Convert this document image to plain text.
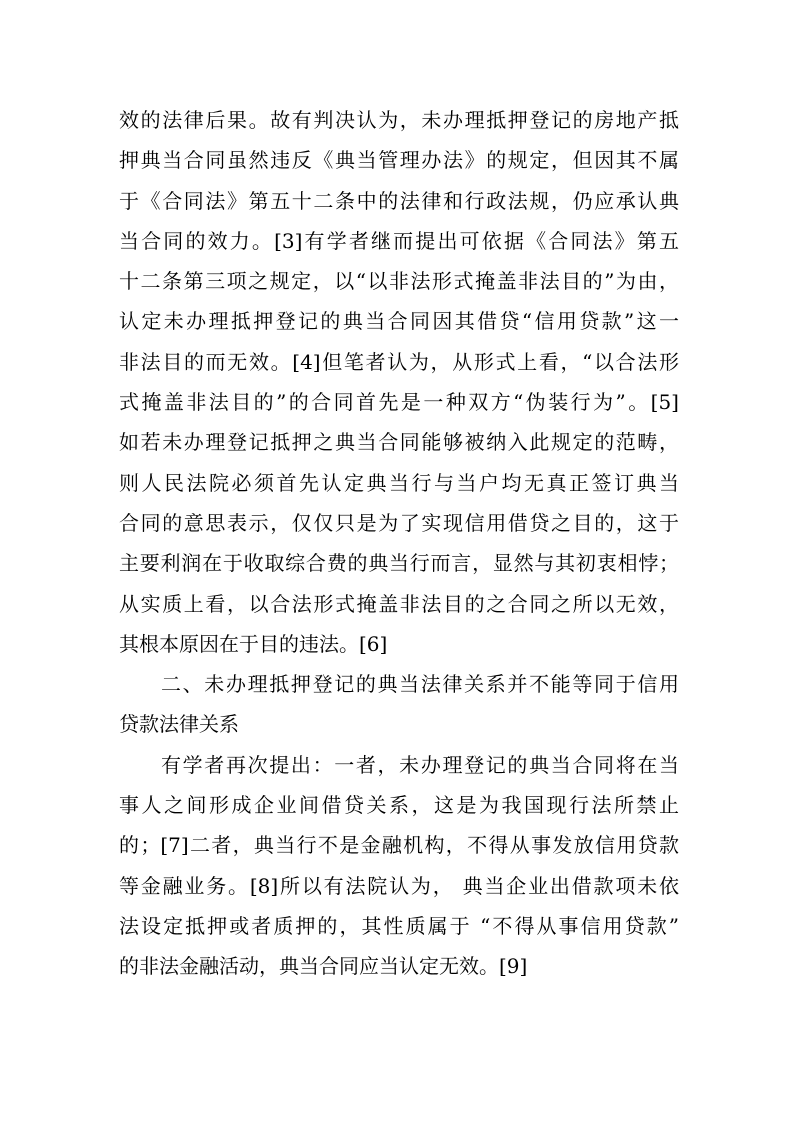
效的法律后果。故有判决认为，未办理抵押登记的房地产抵
押典当合同虽然违反《典当管理办法》的规定，但因其不属
于《合同法》第五十二条中的法律和行政法规，仍应承认典
当合同的效力。[3]有学者继而提出可依据《合同法》第五
十二条第三项之规定，以“以非法形式掩盖非法目的”为由，
认定未办理抵押登记的典当合同因其借贷“信用贷款”这一
非法目的而无效。[4]但笔者认为，从形式上看，“以合法形
式掩盖非法目的”的合同首先是一种双方“伪装行为”。[5]
如若未办理登记抵押之典当合同能够被纳入此规定的范畴，
则人民法院必须首先认定典当行与当户均无真正签订典当
合同的意思表示，仅仅只是为了实现信用借贷之目的，这于
主要利润在于收取综合费的典当行而言，显然与其初衷相悖；
从实质上看，以合法形式掩盖非法目的之合同之所以无效，
其根本原因在于目的违法。[6]
二、未办理抵押登记的典当法律关系并不能等同于信用
贷款法律关系
有学者再次提出：一者，未办理登记的典当合同将在当
事人之间形成企业间借贷关系，这是为我国现行法所禁止
的；[7]二者，典当行不是金融机构，不得从事发放信用贷款
等金融业务。[8]所以有法院认为， 典当企业出借款项未依
法设定抵押或者质押的，其性质属于 “不得从事信用贷款”
的非法金融活动，典当合同应当认定无效。[9]
